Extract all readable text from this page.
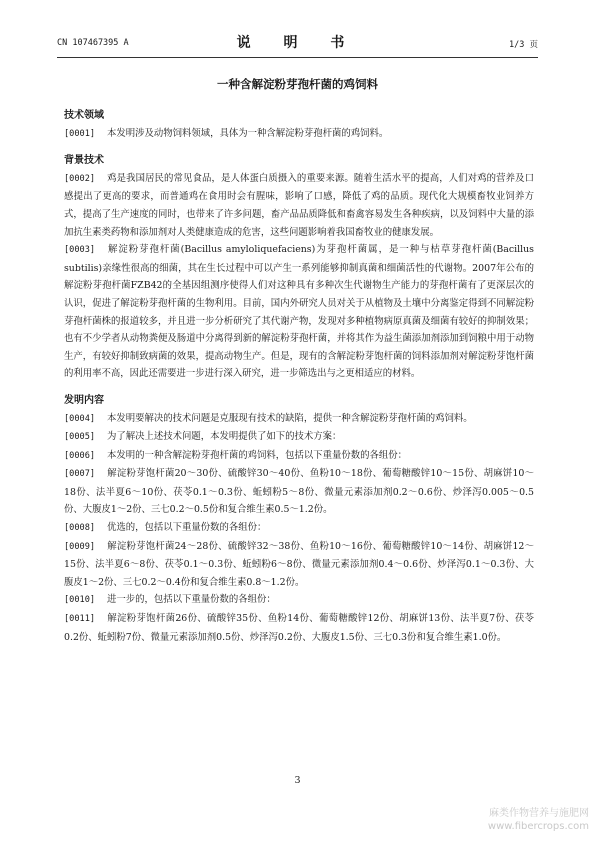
CN 107467395 A	说 明 书	1/3 页
一种含解淀粉芽孢杆菌的鸡饲料
技术领域
[0001] 本发明涉及动物饲料领域，具体为一种含解淀粉芽孢杆菌的鸡饲料。
背景技术
[0002] 鸡是我国居民的常见食品，是人体蛋白质摄入的重要来源。随着生活水平的提高，人们对鸡的营养及口感提出了更高的要求，而普通鸡在食用时会有腥味，影响了口感，降低了鸡的品质。现代化大规模畜牧业饲养方式，提高了生产速度的同时，也带来了许多问题，畜产品品质降低和畜禽容易发生各种疾病，以及饲料中大量的添加抗生素类药物和添加剂对人类健康造成的危害，这些问题影响着我国畜牧业的健康发展。
[0003] 解淀粉芽孢杆菌(Bacillus amyloliquefaciens)为芽孢杆菌属，是一种与枯草芽孢杆菌(Bacillus subtilis)亲缘性很高的细菌，其在生长过程中可以产生一系列能够抑制真菌和细菌活性的代谢物。2007年公布的解淀粉芽孢杆菌FZB42的全基因组测序使得人们对这种具有多种次生代谢物生产能力的芽孢杆菌有了更深层次的认识，促进了解淀粉芽孢杆菌的生物利用。目前，国内外研究人员对关于从植物及土壤中分离鉴定得到不同解淀粉芽孢杆菌株的报道较多，并且进一步分析研究了其代谢产物，发现对多种植物病原真菌及细菌有较好的抑制效果；也有不少学者从动物粪便及肠道中分离得到新的解淀粉芽孢杆菌，并将其作为益生菌添加剂添加到饲粮中用于动物生产，有较好抑制致病菌的效果，提高动物生产。但是，现有的含解淀粉芽饱杆菌的饲料添加剂对解淀粉芽饱杆菌的利用率不高，因此还需要进一步进行深入研究，进一步筛选出与之更相适应的材料。
发明内容
[0004] 本发明要解决的技术问题是克服现有技术的缺陷，提供一种含解淀粉芽孢杆菌的鸡饲料。
[0005] 为了解决上述技术问题，本发明提供了如下的技术方案：
[0006] 本发明的一种含解淀粉芽孢杆菌的鸡饲料，包括以下重量份数的各组份：
[0007] 解淀粉芽饱杆菌20～30份、硫酸锌30～40份、鱼粉10～18份、葡萄糖酸锌10～15份、胡麻饼10～18份、法半夏6～10份、茯苓0.1～0.3份、蚯蚓粉5～8份、微量元素添加剂0.2～0.6份、炒泽泻0.005～0.5份、大腹皮1～2份、三七0.2～0.5份和复合维生素0.5～1.2份。
[0008] 优选的，包括以下重量份数的各组份：
[0009] 解淀粉芽饱杆菌24～28份、硫酸锌32～38份、鱼粉10～16份、葡萄糖酸锌10～14份、胡麻饼12～15份、法半夏6～8份、茯苓0.1～0.3份、蚯蚓粉6～8份、微量元素添加剂0.4～0.6份、炒泽泻0.1～0.3份、大腹皮1～2份、三七0.2～0.4份和复合维生素0.8～1.2份。
[0010] 进一步的，包括以下重量份数的各组份：
[0011] 解淀粉芽饱杆菌26份、硫酸锌35份、鱼粉14份、葡萄糖酸锌12份、胡麻饼13份、法半夏7份、茯苓0.2份、蚯蚓粉7份、微量元素添加剂0.5份、炒泽泻0.2份、大腹皮1.5份、三七0.3份和复合维生素1.0份。
3
麻类作物营养与施肥网
www.fibercrops.com
